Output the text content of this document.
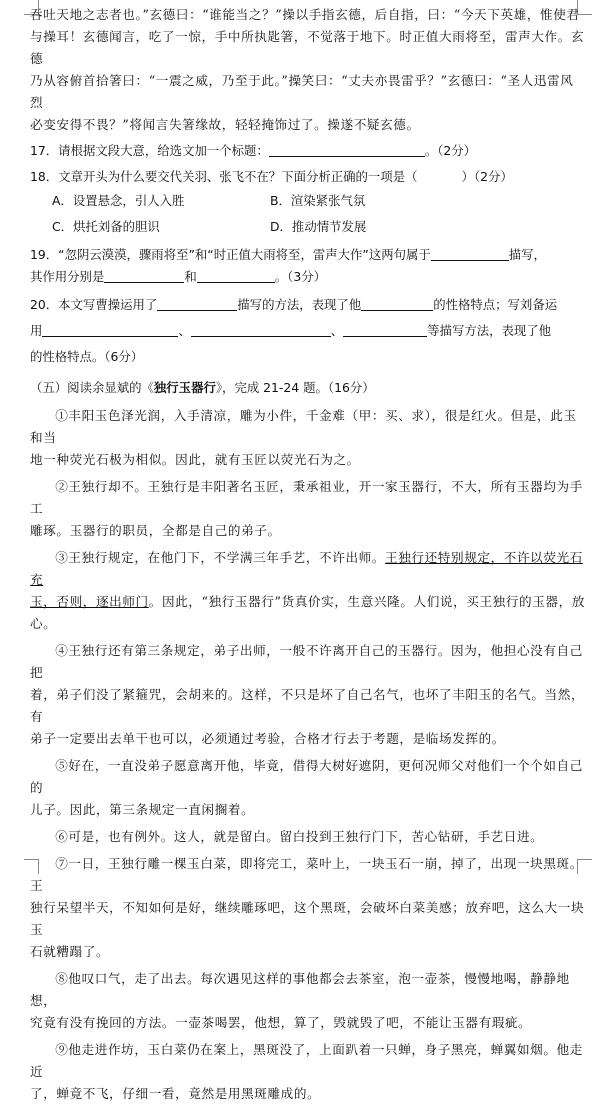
吞吐天地之志者也。”玄德曰：“谁能当之？”操以手指玄德，后自指，曰：“今天下英雄，惟使君

与操耳！玄德闻言，吃了一惊，手中所执匙箸，不觉落于地下。时正值大雨将至，雷声大作。玄德

乃从容俯首拾箸曰：“一震之威，乃至于此。”操笑曰：“丈夫亦畏雷乎？”玄德曰：“圣人迅雷风烈

必变安得不畏？”将闻言失箸缘故，轻轻掩饰过了。操遂不疑玄德。

17．请根据文段大意，给选文加一个标题：	。（2分）
18．文章开头为什么要交代关羽、张飞不在？下面分析正确的一项是（	）（2分）
A．设置悬念，引人入胜	B．渲染紧张气氛
C．烘托刘备的胆识	D．推动情节发展
19．“忽阴云漠漠，骤雨将至”和“时正值大雨将至，雷声大作”这两句属于	描写，
其作用分别是	和	。（3分）
20．本文写曹操运用了	描写的方法，表现了他	的性格特点；写刘备运
用	、	、	等描写方法，表现了他
的性格特点。（6分）
（五）阅读余显斌的《独行玉器行》，完成 21-24 题。（16分）

①丰阳玉色泽光润，入手清凉，雕为小件，千金难（甲：买、求），很是红火。但是，此玉和当

地一种荧光石极为相似。因此，就有玉匠以荧光石为之。

②王独行却不。王独行是丰阳著名玉匠，秉承祖业，开一家玉器行，不大，所有玉器均为手工

雕琢。玉器行的职员，全都是自己的弟子。

③王独行规定，在他门下，不学满三年手艺，不许出师。王独行还特别规定，不许以荧光石充

玉，否则，逐出师门。因此，“独行玉器行”货真价实，生意兴隆。人们说，买王独行的玉器，放

心。

④王独行还有第三条规定，弟子出师，一般不许离开自己的玉器行。因为，他担心没有自己把

着，弟子们没了紧箍咒，会胡来的。这样，不只是坏了自己名气，也坏了丰阳玉的名气。当然，有

弟子一定要出去单干也可以，必须通过考验，合格才行去于考题，是临场发挥的。

⑤好在，一直没弟子愿意离开他，毕竟，借得大树好遮阴，更何况师父对他们一个个如自己的

儿子。因此，第三条规定一直闲搁着。

⑥可是，也有例外。这人，就是留白。留白投到王独行门下，苦心钻研，手艺日进。

⑦一日，王独行雕一棵玉白菜，即将完工，菜叶上，一块玉石一崩，掉了，出现一块黑斑。王

独行呆望半天，不知如何是好，继续雕琢吧，这个黑斑，会破坏白菜美感；放弃吧，这么大一块玉

石就糟蹋了。

⑧他叹口气，走了出去。每次遇见这样的事他都会去茶室，泡一壶茶，慢慢地喝，静静地想，

究竟有没有挽回的方法。一壶茶喝罢，他想，算了，毁就毁了吧，不能让玉器有瑕疵。

⑨他走进作坊，玉白菜仍在案上，黑斑没了，上面趴着一只蝉，身子黑亮，蝉翼如烟。他走近

了，蝉竟不飞，仔细一看，竟然是用黑斑雕成的。
